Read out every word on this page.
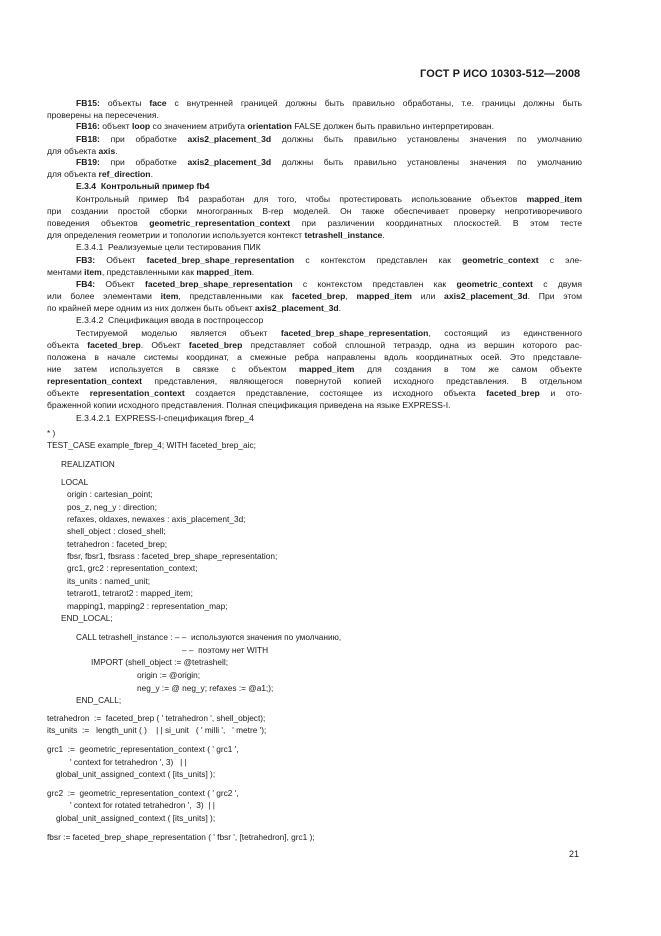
ГОСТ Р ИСО 10303-512—2008
FB15: объекты face с внутренней границей должны быть правильно обработаны, т.е. границы должны быть
проверены на пересечения.
FB16: объект loop со значением атрибута orientation FALSE должен быть правильно интерпретирован.
FB18: при обработке axis2_placement_3d должны быть правильно установлены значения по умолчанию
для объекта axis.
FB19: при обработке axis2_placement_3d должны быть правильно установлены значения по умолчанию
для объекта ref_direction.
E.3.4  Контрольный пример fb4
Контрольный пример fb4 разработан для того, чтобы протестировать использование объектов mapped_item
при создании простой сборки многогранных B-rep моделей. Он также обеспечивает проверку непротиворечивого
поведения объектов geometric_representation_context при различении координатных плоскостей. В этом тесте
для определения геометрии и топологии используется контекст tetrashell_instance.
E.3.4.1  Реализуемые цели тестирования ПИК
FB3: Объект faceted_brep_shape_representation с контекстом представлен как geometric_context с эле-
ментами item, представленными как mapped_item.
FB4: Объект faceted_brep_shape_representation с контекстом представлен как geometric_context с двумя
или более элементами item, представленными как faceted_brep, mapped_item или axis2_placement_3d. При этом
по крайней мере одним из них должен быть объект axis2_placement_3d.
E.3.4.2  Спецификация ввода в постпроцессор
Тестируемой моделью является объект faceted_brep_shape_representation, состоящий из единственного
объекта faceted_brep. Объект faceted_brep представляет собой сплошной тетраэдр, одна из вершин которого рас-
положена в начале системы координат, а смежные ребра направлены вдоль координатных осей. Это представле-
ние затем используется в связке с объектом mapped_item для создания в том же самом объекте
representation_context представления, являющегося повернутой копией исходного представления. В отдельном
объекте representation_context создается представление, состоящее из исходного объекта faceted_brep и ото-
браженной копии исходного представления. Полная спецификация приведена на языке EXPRESS-I.
E.3.4.2.1  EXPRESS-I-спецификация fbrep_4
* )
TEST_CASE example_fbrep_4; WITH faceted_brep_aic;
REALIZATION
LOCAL
origin : cartesian_point;
pos_z, neg_y : direction;
refaxes, oldaxes, newaxes : axis_placement_3d;
shell_object : closed_shell;
tetrahedron : faceted_brep;
fbsr, fbsr1, fbsrass : faceted_brep_shape_representation;
grc1, grc2 : representation_context;
its_units : named_unit;
tetrarot1, tetrarot2 : mapped_item;
mapping1, mapping2 : representation_map;
END_LOCAL;
CALL tetrashell_instance : – –  используются значения по умолчанию,
– –  поэтому нет WITH
IMPORT (shell_object := @tetrashell;
origin := @origin;
neg_y := @ neg_y; refaxes := @a1;);
END_CALL;
tetrahedron  :=  faceted_brep ( ' tetrahedron ', shell_object);
its_units  :=   length_unit ( )    | | si_unit   ( ' milli ',   ' metre ');
grc1  :=  geometric_representation_context ( ' grc1 ',
' context for tetrahedron ', 3)   | |
global_unit_assigned_context ( [its_units] );
grc2  :=  geometric_representation_context ( ' grc2 ',
' context for rotated tetrahedron ',  3)  | |
global_unit_assigned_context ( [its_units] );
fbsr := faceted_brep_shape_representation ( ' fbsr ', [tetrahedron], grc1 );
21
